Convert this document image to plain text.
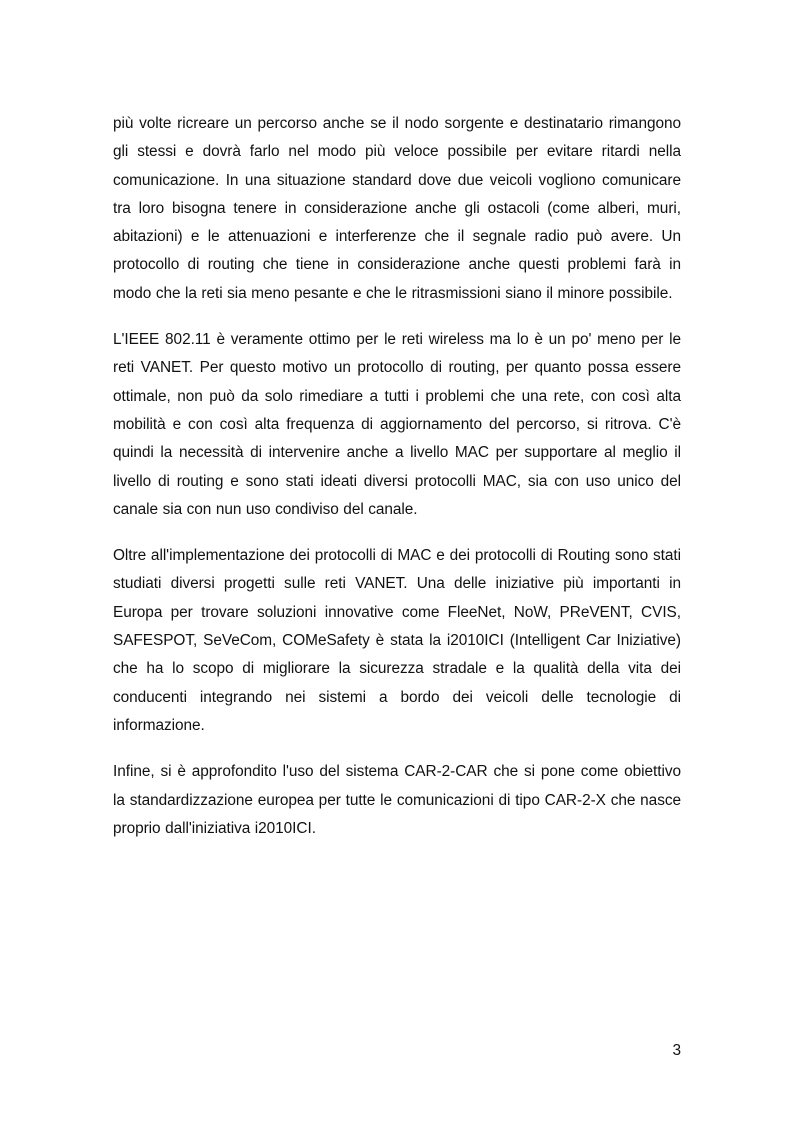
più volte ricreare un percorso anche se il nodo sorgente e destinatario rimangono gli stessi e dovrà farlo nel modo più veloce possibile per evitare ritardi nella comunicazione. In una situazione standard dove due veicoli vogliono comunicare tra loro bisogna tenere in considerazione anche gli ostacoli (come alberi, muri, abitazioni) e le attenuazioni e interferenze che il segnale radio può avere. Un protocollo di routing che tiene in considerazione anche questi problemi farà in modo che la reti sia meno pesante e che le ritrasmissioni siano il minore possibile.

L'IEEE 802.11 è veramente ottimo per le reti wireless ma lo è un po' meno per le reti VANET. Per questo motivo un protocollo di routing, per quanto possa essere ottimale, non può da solo rimediare a tutti i problemi che una rete, con così alta mobilità e con così alta frequenza di aggiornamento del percorso, si ritrova. C'è quindi la necessità di intervenire anche a livello MAC per supportare al meglio il livello di routing e sono stati ideati diversi protocolli MAC, sia con uso unico del canale sia con nun uso condiviso del canale.

Oltre all'implementazione dei protocolli di MAC e dei protocolli di Routing sono stati studiati diversi progetti sulle reti VANET. Una delle iniziative più importanti in Europa per trovare soluzioni innovative come FleeNet, NoW, PReVENT, CVIS, SAFESPOT, SeVeCom, COMeSafety è stata la i2010ICI (Intelligent Car Iniziative) che ha lo scopo di migliorare la sicurezza stradale e la qualità della vita dei conducenti integrando nei sistemi a bordo dei veicoli delle tecnologie di informazione.

Infine, si è approfondito l'uso del sistema CAR-2-CAR che si pone come obiettivo la standardizzazione europea per tutte le comunicazioni di tipo CAR-2-X che nasce proprio dall'iniziativa i2010ICI.

3
